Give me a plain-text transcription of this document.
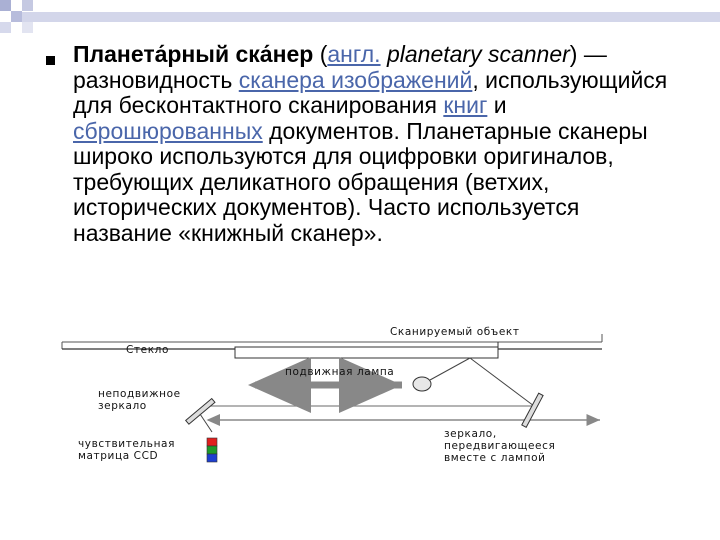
Планета́рный ска́нер (англ. planetary scanner) — разновидность сканера изображений, использующийся для бесконтактного сканирования книг и сброшюрованных документов. Планетарные сканеры широко используются для оцифровки оригиналов, требующих деликатного обращения (ветхих, исторических документов). Часто используется название «книжный сканер».
Сканируемый объект
Стекло
подвижная лампа
неподвижное
зеркало
чувствительная
матрица CCD
зеркало,
передвигающееся
вместе с лампой
